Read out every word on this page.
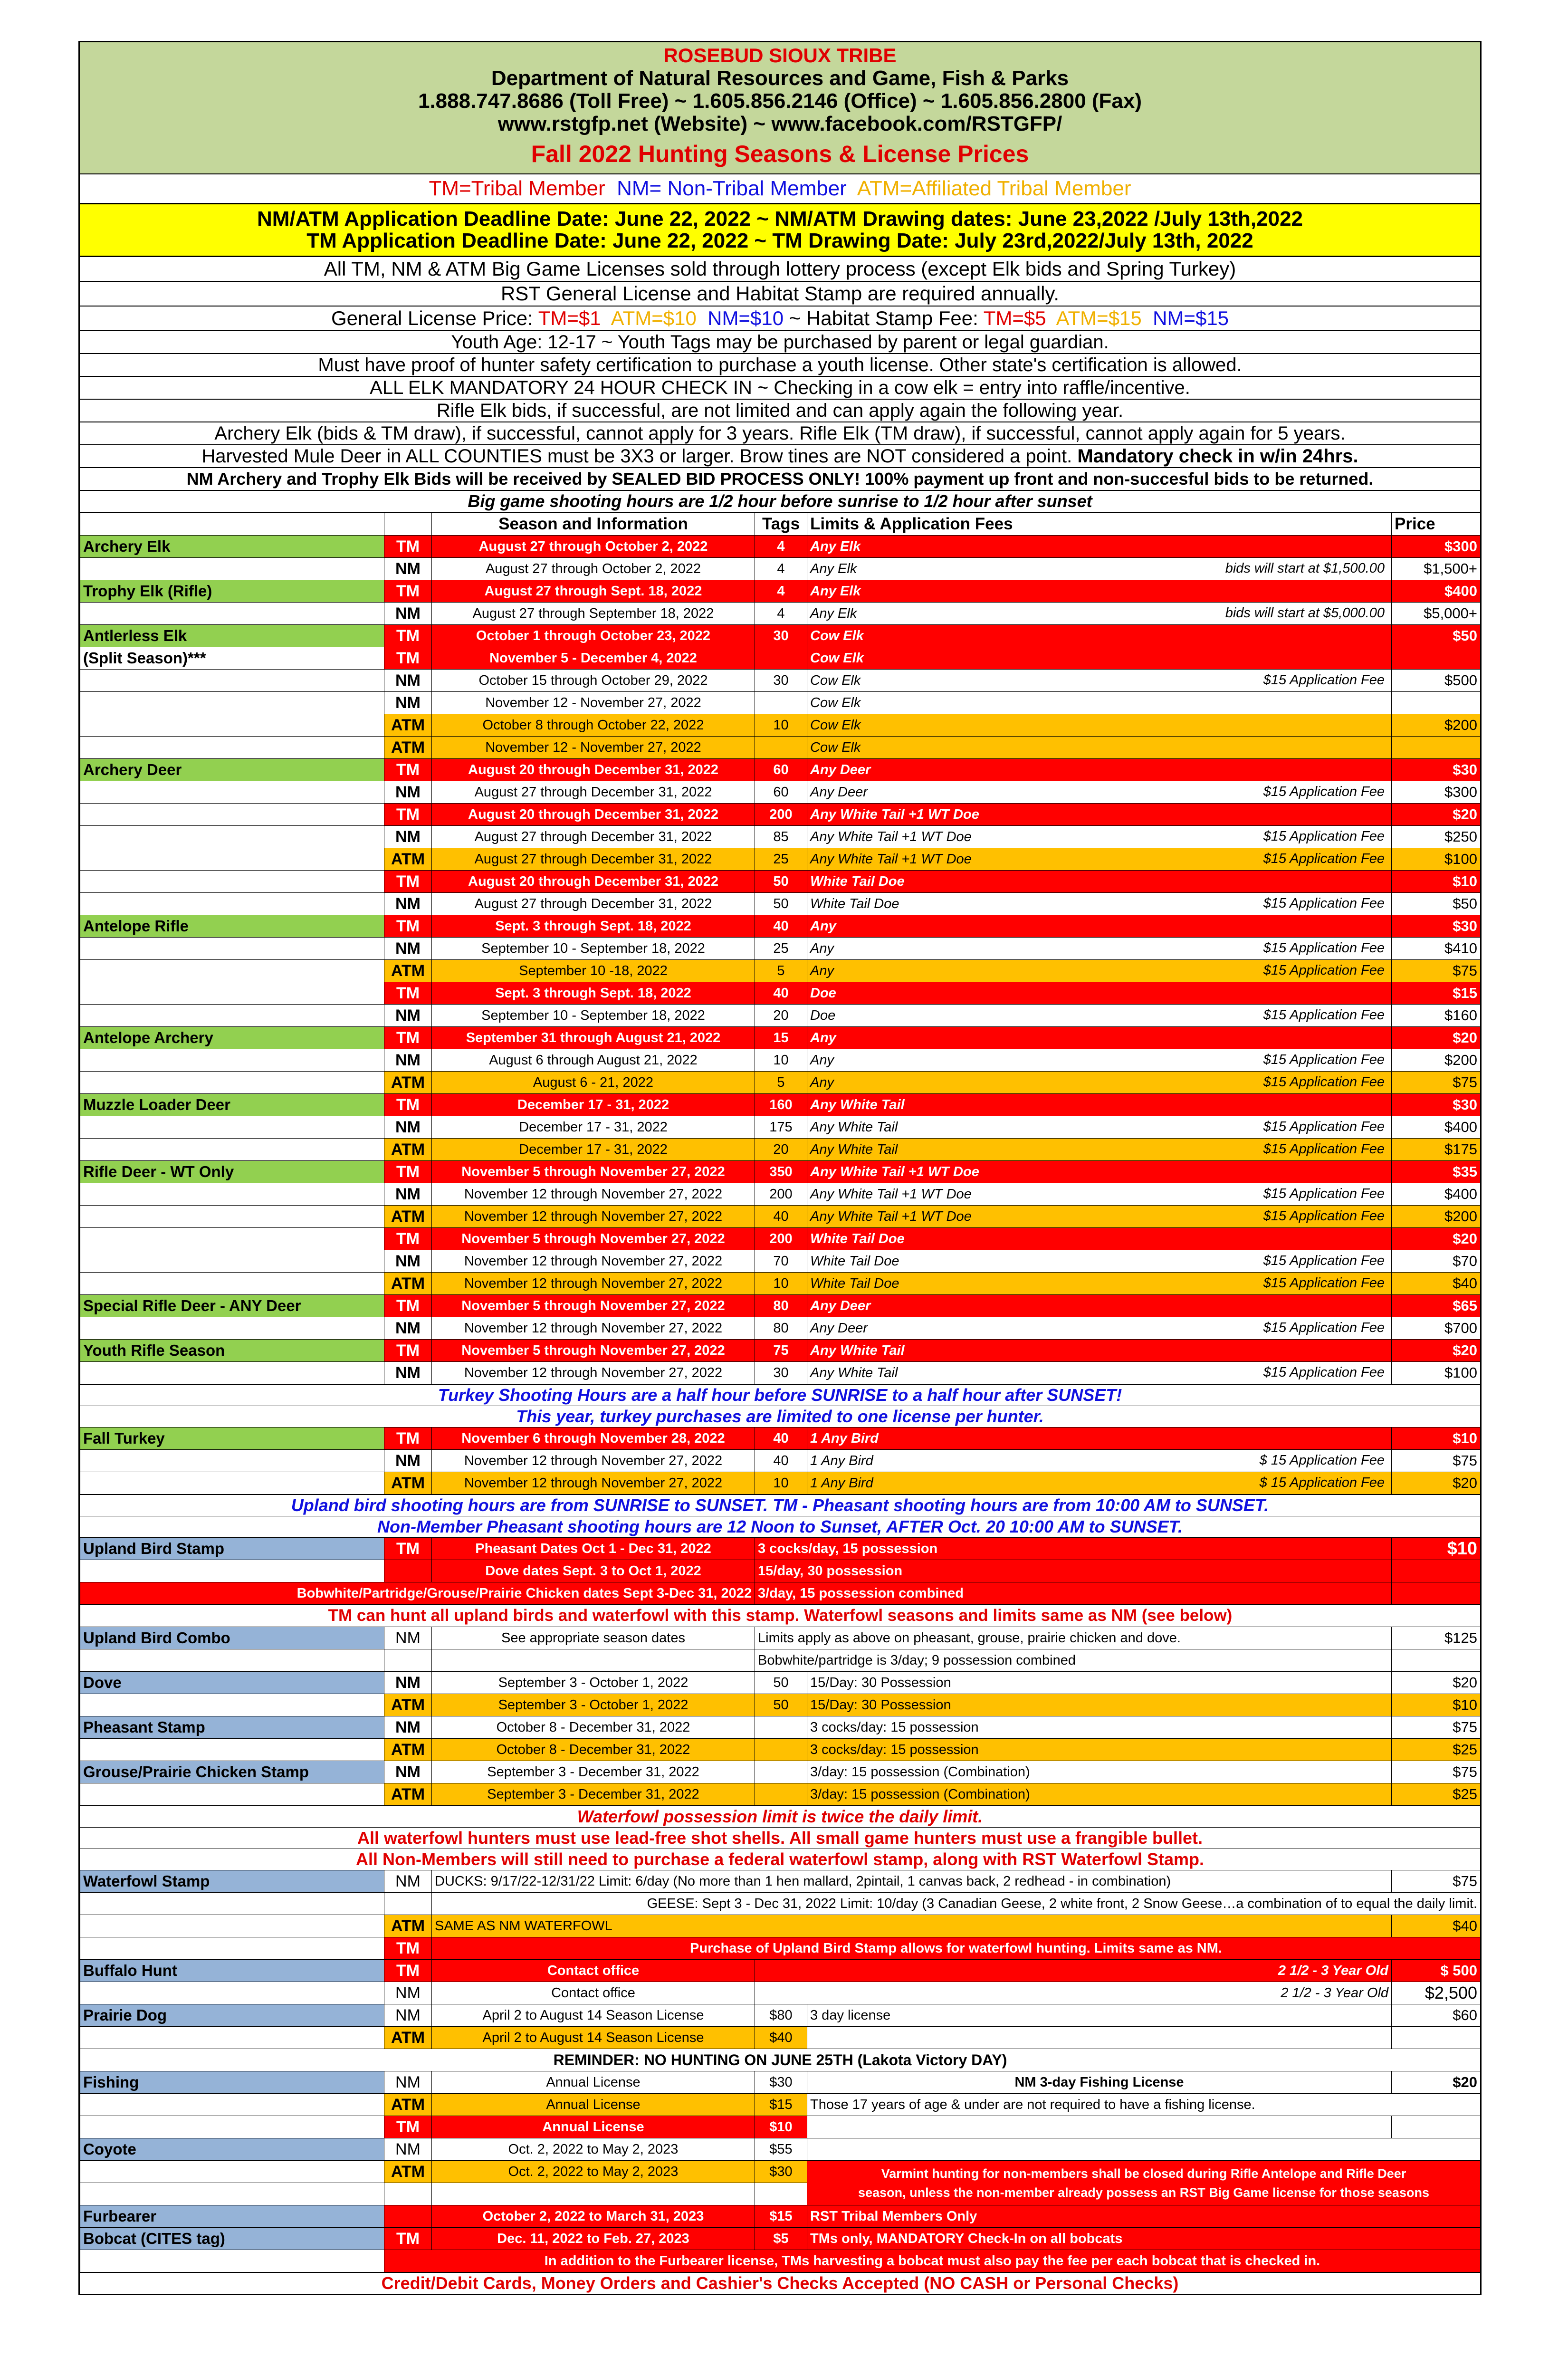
ROSEBUD SIOUX TRIBE
Department of Natural Resources and Game, Fish & Parks
1.888.747.8686 (Toll Free) ~ 1.605.856.2146 (Office) ~ 1.605.856.2800 (Fax)
www.rstgfp.net (Website) ~ www.facebook.com/RSTGFP/
Fall 2022 Hunting Seasons & License Prices
TM=Tribal Member NM= Non-Tribal Member ATM=Affiliated Tribal Member
NM/ATM Application Deadline Date: June 22, 2022 ~ NM/ATM Drawing dates: June 23,2022 /July 13th,2022
TM Application Deadline Date: June 22, 2022 ~ TM Drawing Date: July 23rd,2022/July 13th, 2022
All TM, NM & ATM Big Game Licenses sold through lottery process (except Elk bids and Spring Turkey)
RST General License and Habitat Stamp are required annually.
General License Price: TM=$1 ATM=$10 NM=$10 ~ Habitat Stamp Fee: TM=$5 ATM=$15 NM=$15
Youth Age: 12-17 ~ Youth Tags may be purchased by parent or legal guardian.
Must have proof of hunter safety certification to purchase a youth license. Other state's certification is allowed.
ALL ELK MANDATORY 24 HOUR CHECK IN ~ Checking in a cow elk = entry into raffle/incentive.
Rifle Elk bids, if successful, are not limited and can apply again the following year.
Archery Elk (bids & TM draw), if successful, cannot apply for 3 years. Rifle Elk (TM draw), if successful, cannot apply again for 5 years.
Harvested Mule Deer in ALL COUNTIES must be 3X3 or larger. Brow tines are NOT considered a point. Mandatory check in w/in 24hrs.
NM Archery and Trophy Elk Bids will be received by SEALED BID PROCESS ONLY! 100% payment up front and non-succesful bids to be returned.
Big game shooting hours are 1/2 hour before sunrise to 1/2 hour after sunset
		Season and Information	Tags	Limits & Application Fees	Price
Archery Elk	TM	August 27 through October 2, 2022	4	Any Elk	$300
	NM	August 27 through October 2, 2022	4	Any Elk bids will start at $1,500.00	$1,500+
Trophy Elk (Rifle)	TM	August 27 through Sept. 18, 2022	4	Any Elk	$400
	NM	August 27 through September 18, 2022	4	Any Elk bids will start at $5,000.00	$5,000+
Antlerless Elk	TM	October 1 through October 23, 2022	30	Cow Elk	$50
(Split Season)***	TM	November 5 - December 4, 2022		Cow Elk

	NM	October 15 through October 29, 2022	30	Cow Elk $15 Application Fee	$500
	NM	November 12 - November 27, 2022		Cow Elk

	ATM	October 8 through October 22, 2022	10	Cow Elk	$200
	ATM	November 12 - November 27, 2022		Cow Elk

Archery Deer	TM	August 20 through December 31, 2022	60	Any Deer	$30
	NM	August 27 through December 31, 2022	60	Any Deer $15 Application Fee	$300
	TM	August 20 through December 31, 2022	200	Any White Tail +1 WT Doe	$20
	NM	August 27 through December 31, 2022	85	Any White Tail +1 WT Doe $15 Application Fee	$250
	ATM	August 27 through December 31, 2022	25	Any White Tail +1 WT Doe $15 Application Fee	$100
	TM	August 20 through December 31, 2022	50	White Tail Doe	$10
	NM	August 27 through December 31, 2022	50	White Tail Doe $15 Application Fee	$50
Antelope Rifle	TM	Sept. 3 through Sept. 18, 2022	40	Any	$30
	NM	September 10 - September 18, 2022	25	Any $15 Application Fee	$410
	ATM	September 10 -18, 2022	5	Any $15 Application Fee	$75
	TM	Sept. 3 through Sept. 18, 2022	40	Doe	$15
	NM	September 10 - September 18, 2022	20	Doe $15 Application Fee	$160
Antelope Archery	TM	September 31 through August 21, 2022	15	Any	$20
	NM	August 6 through August 21, 2022	10	Any $15 Application Fee	$200
	ATM	August 6 - 21, 2022	5	Any $15 Application Fee	$75
Muzzle Loader Deer	TM	December 17 - 31, 2022	160	Any White Tail	$30
	NM	December 17 - 31, 2022	175	Any White Tail $15 Application Fee	$400
	ATM	December 17 - 31, 2022	20	Any White Tail $15 Application Fee	$175
Rifle Deer - WT Only	TM	November 5 through November 27, 2022	350	Any White Tail +1 WT Doe	$35
	NM	November 12 through November 27, 2022	200	Any White Tail +1 WT Doe $15 Application Fee	$400
	ATM	November 12 through November 27, 2022	40	Any White Tail +1 WT Doe $15 Application Fee	$200
	TM	November 5 through November 27, 2022	200	White Tail Doe	$20
	NM	November 12 through November 27, 2022	70	White Tail Doe $15 Application Fee	$70
	ATM	November 12 through November 27, 2022	10	White Tail Doe $15 Application Fee	$40
Special Rifle Deer - ANY Deer	TM	November 5 through November 27, 2022	80	Any Deer	$65
	NM	November 12 through November 27, 2022	80	Any Deer $15 Application Fee	$700
Youth Rifle Season	TM	November 5 through November 27, 2022	75	Any White Tail	$20
	NM	November 12 through November 27, 2022	30	Any White Tail $15 Application Fee	$100
Turkey Shooting Hours are a half hour before SUNRISE to a half hour after SUNSET!
This year, turkey purchases are limited to one license per hunter.
Fall Turkey	TM	November 6 through November 28, 2022	40	1 Any Bird	$10
	NM	November 12 through November 27, 2022	40	1 Any Bird $ 15 Application Fee	$75
	ATM	November 12 through November 27, 2022	10	1 Any Bird $ 15 Application Fee	$20
Upland bird shooting hours are from SUNRISE to SUNSET. TM - Pheasant shooting hours are from 10:00 AM to SUNSET.
Non-Member Pheasant shooting hours are 12 Noon to Sunset, AFTER Oct. 20 10:00 AM to SUNSET.
Upland Bird Stamp	TM	Pheasant Dates Oct 1 - Dec 31, 2022	3 cocks/day, 15 possession		$10
		Dove dates Sept. 3 to Oct 1, 2022	15/day, 30 possession		
Bobwhite/Partridge/Grouse/Prairie Chicken dates Sept 3-Dec 31, 2022			3/day, 15 possession combined		
TM can hunt all upland birds and waterfowl with this stamp. Waterfowl seasons and limits same as NM (see below)					
Upland Bird Combo	NM	See appropriate season dates	Limits apply as above on pheasant, grouse, prairie chicken and dove.		$125
			Bobwhite/partridge is 3/day; 9 possession combined		
Dove	NM	September 3 - October 1, 2022	50	15/Day: 30 Possession	$20
	ATM	September 3 - October 1, 2022	50	15/Day: 30 Possession	$10
Pheasant Stamp	NM	October 8 - December 31, 2022		3 cocks/day: 15 possession	$75
	ATM	October 8 - December 31, 2022		3 cocks/day: 15 possession	$25
Grouse/Prairie Chicken Stamp	NM	September 3 - December 31, 2022		3/day: 15 possession (Combination)	$75
	ATM	September 3 - December 31, 2022		3/day: 15 possession (Combination)	$25
Waterfowl possession limit is twice the daily limit.
All waterfowl hunters must use lead-free shot shells. All small game hunters must use a frangible bullet.
All Non-Members will still need to purchase a federal waterfowl stamp, along with RST Waterfowl Stamp.
Waterfowl Stamp	NM	DUCKS: 9/17/22-12/31/22 Limit: 6/day (No more than 1 hen mallard, 2pintail, 1 canvas back, 2 redhead - in combination)			$75
		GEESE: Sept 3 - Dec 31, 2022 Limit: 10/day (3 Canadian Geese, 2 white front, 2 Snow Geese…a combination of to equal the daily limit.			
	ATM	SAME AS NM WATERFOWL			$40
	TM	Purchase of Upland Bird Stamp allows for waterfowl hunting. Limits same as NM.			
Buffalo Hunt	TM	Contact office	2 1/2 - 3 Year Old		$ 500
	NM	Contact office	2 1/2 - 3 Year Old		$2,500
Prairie Dog	NM	April 2 to August 14 Season License	$80	3 day license	$60
	ATM	April 2 to August 14 Season License	$40		
REMINDER: NO HUNTING ON JUNE 25TH (Lakota Victory DAY)					
Fishing	NM	Annual License	$30	NM 3-day Fishing License	$20
	ATM	Annual License	$15	Those 17 years of age & under are not required to have a fishing license.	
	TM	Annual License	$10		
Coyote	NM	Oct. 2, 2022 to May 2, 2023	$55		
	ATM	Oct. 2, 2022 to May 2, 2023	$30	Varmint hunting for non-members shall be closed during Rifle Antelope and Rifle Deer
season, unless the non-member already possess an RST Big Game license for those seasons	

Furbearer		October 2, 2022 to March 31, 2023	$15	RST Tribal Members Only	
Bobcat (CITES tag)	TM	Dec. 11, 2022 to Feb. 27, 2023	$5	TMs only, MANDATORY Check-In on all bobcats	
	In addition to the Furbearer license, TMs harvesting a bobcat must also pay the fee per each bobcat that is checked in.				
Credit/Debit Cards, Money Orders and Cashier's Checks Accepted (NO CASH or Personal Checks)
